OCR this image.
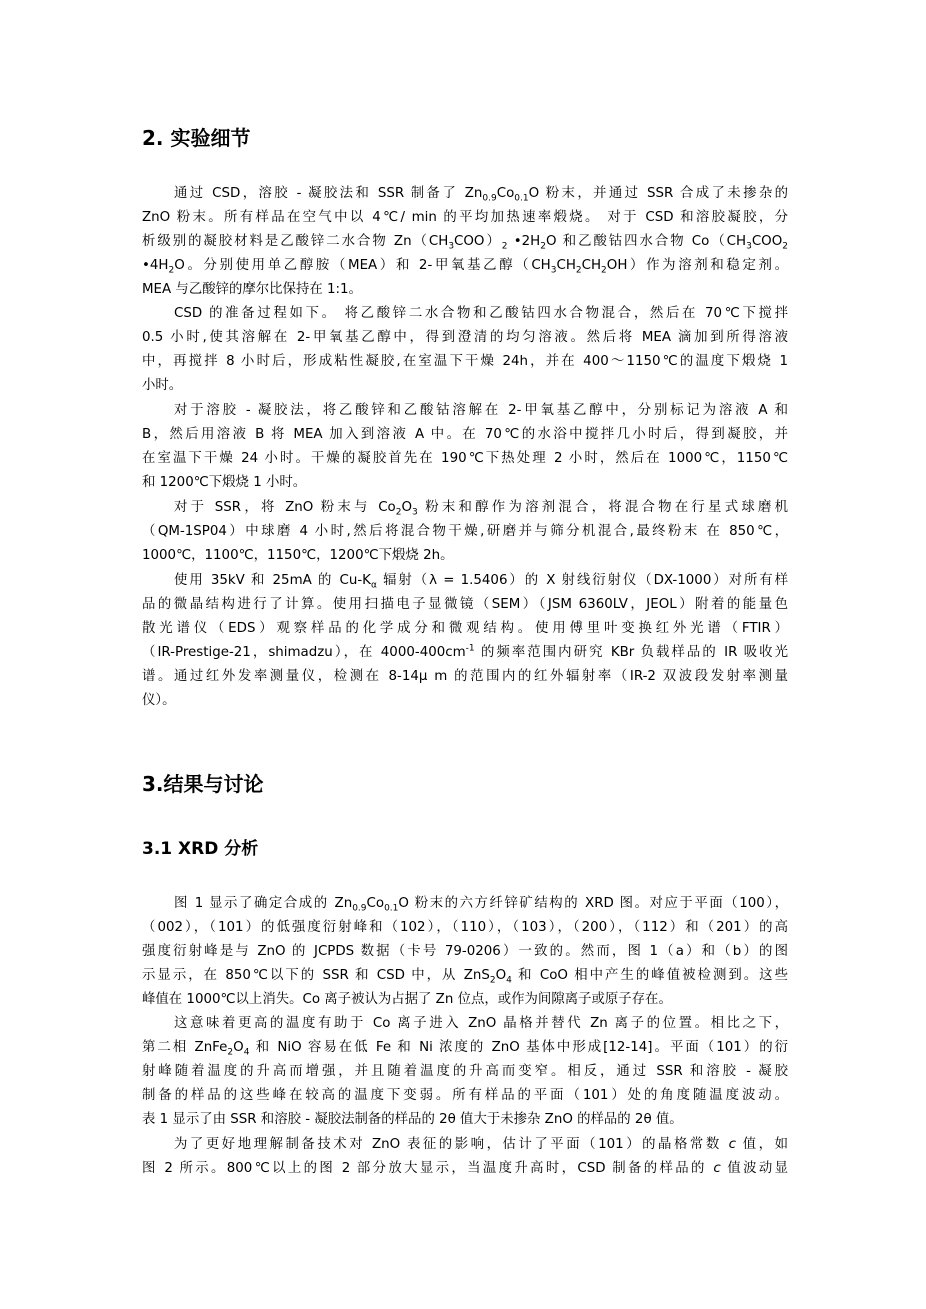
2. 实验细节
通过 CSD，溶胶 - 凝胶法和 SSR 制备了 $Zn_{0.9}Co_{0.1}O$ 粉末，并通过 SSR 合成了未掺杂的
ZnO 粉末。所有样品在空气中以 4℃/ min 的平均加热速率煅烧。 对于 CSD 和溶胶凝胶，分
析级别的凝胶材料是乙酸锌二水合物 $Zn(CH_3COO)_2$ $•2H_2O$ 和乙酸钴四水合物 $Co(CH_3COO_2$
$•4H_2O$。分别使用单乙醇胺（MEA）和 2-甲氧基乙醇$(CH_3CH_2CH_2OH)$作为溶剂和稳定剂。
MEA 与乙酸锌的摩尔比保持在 1:1。
CSD 的准备过程如下。 将乙酸锌二水合物和乙酸钴四水合物混合，然后在 70℃下搅拌
0.5 小时,使其溶解在 2-甲氧基乙醇中，得到澄清的均匀溶液。然后将 MEA 滴加到所得溶液
中，再搅拌 8 小时后，形成粘性凝胶,在室温下干燥 24h，并在 400～1150℃的温度下煅烧 1
小时。
对于溶胶 - 凝胶法，将乙酸锌和乙酸钴溶解在 2-甲氧基乙醇中，分别标记为溶液 A 和
B，然后用溶液 B 将 MEA 加入到溶液 A 中。在 70℃的水浴中搅拌几小时后，得到凝胶，并
在室温下干燥 24 小时。干燥的凝胶首先在 190℃下热处理 2 小时，然后在 1000℃，1150℃
和 1200℃下煅烧 1 小时。
对于 SSR，将 ZnO 粉末与 $Co_2O_3$ 粉末和醇作为溶剂混合，将混合物在行星式球磨机
（QM-1SP04）中球磨 4 小时,然后将混合物干燥,研磨并与筛分机混合,最终粉末 在 850℃，
1000℃，1100℃，1150℃，1200℃下煅烧 2h。
使用 35kV 和 25mA 的 $Cu-K_\alpha$ 辐射（λ = 1.5406）的 X 射线衍射仪（DX-1000）对所有样
品的微晶结构进行了计算。使用扫描电子显微镜（SEM）（JSM 6360LV，JEOL）附着的能量色
散光谱仪（EDS）观察样品的化学成分和微观结构。使用傅里叶变换红外光谱（FTIR）
（IR-Prestige-21，shimadzu），在 $4000-400cm^{-1}$ 的频率范围内研究 KBr 负载样品的 IR 吸收光
谱。通过红外发率测量仪，检测在 8-14μ m 的范围内的红外辐射率（IR-2 双波段发射率测量
仪）。
3.结果与讨论
3.1 XRD 分析
图 1 显示了确定合成的 $Zn_{0.9}Co_{0.1}O$ 粉末的六方纤锌矿结构的 XRD 图。对应于平面（100），
（002），（101）的低强度衍射峰和（102），（110），（103），（200），（112）和（201）的高
强度衍射峰是与 ZnO 的 JCPDS 数据（卡号 79-0206）一致的。然而，图 1（a）和（b）的图
示显示，在 850℃以下的 SSR 和 CSD 中，从 $ZnS_2O_4$ 和 CoO 相中产生的峰值被检测到。这些
峰值在 1000℃以上消失。Co 离子被认为占据了 Zn 位点，或作为间隙离子或原子存在。
这意味着更高的温度有助于 Co 离子进入 ZnO 晶格并替代 Zn 离子的位置。相比之下，
第二相 $ZnFe_2O_4$ 和 NiO 容易在低 Fe 和 Ni 浓度的 ZnO 基体中形成[12-14]。平面（101）的衍
射峰随着温度的升高而增强，并且随着温度的升高而变窄。相反，通过 SSR 和溶胶 - 凝胶
制备的样品的这些峰在较高的温度下变弱。所有样品的平面（101）处的角度随温度波动。
表 1 显示了由 SSR 和溶胶 - 凝胶法制备的样品的 2θ 值大于未掺杂 ZnO 的样品的 2θ 值。
为了更好地理解制备技术对 ZnO 表征的影响，估计了平面（101）的晶格常数 c 值，如
图 2 所示。800℃以上的图 2 部分放大显示，当温度升高时，CSD 制备的样品的 c 值波动显
